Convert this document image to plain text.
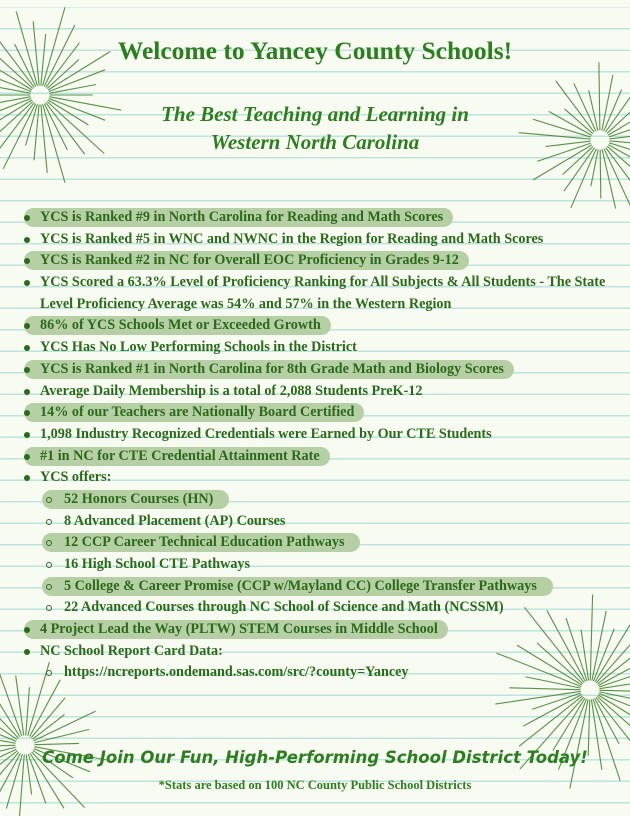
Welcome to Yancey County Schools!
The Best Teaching and Learning in
Western North Carolina
YCS is Ranked #9 in North Carolina for Reading and Math Scores
YCS is Ranked #5 in WNC and NWNC in the Region for Reading and Math Scores
YCS is Ranked #2 in NC for Overall EOC Proficiency in Grades 9-12
YCS Scored a 63.3% Level of Proficiency Ranking for All Subjects & All Students - The State Level Proficiency Average was 54% and 57% in the Western Region
86% of YCS Schools Met or Exceeded Growth
YCS Has No Low Performing Schools in the District
YCS is Ranked #1 in North Carolina for 8th Grade Math and Biology Scores
Average Daily Membership is a total of 2,088 Students PreK-12
14% of our Teachers are Nationally Board Certified
1,098 Industry Recognized Credentials were Earned by Our CTE Students
#1 in NC for CTE Credential Attainment Rate
YCS offers:
52 Honors Courses (HN)
8 Advanced Placement (AP) Courses
12 CCP Career Technical Education Pathways
16 High School CTE Pathways
5 College & Career Promise (CCP w/Mayland CC) College Transfer Pathways
22 Advanced Courses through NC School of Science and Math (NCSSM)
4 Project Lead the Way (PLTW) STEM Courses in Middle School
NC School Report Card Data:
https://ncreports.ondemand.sas.com/src/?county=Yancey
Come Join Our Fun, High-Performing School District Today!
*Stats are based on 100 NC County Public School Districts
